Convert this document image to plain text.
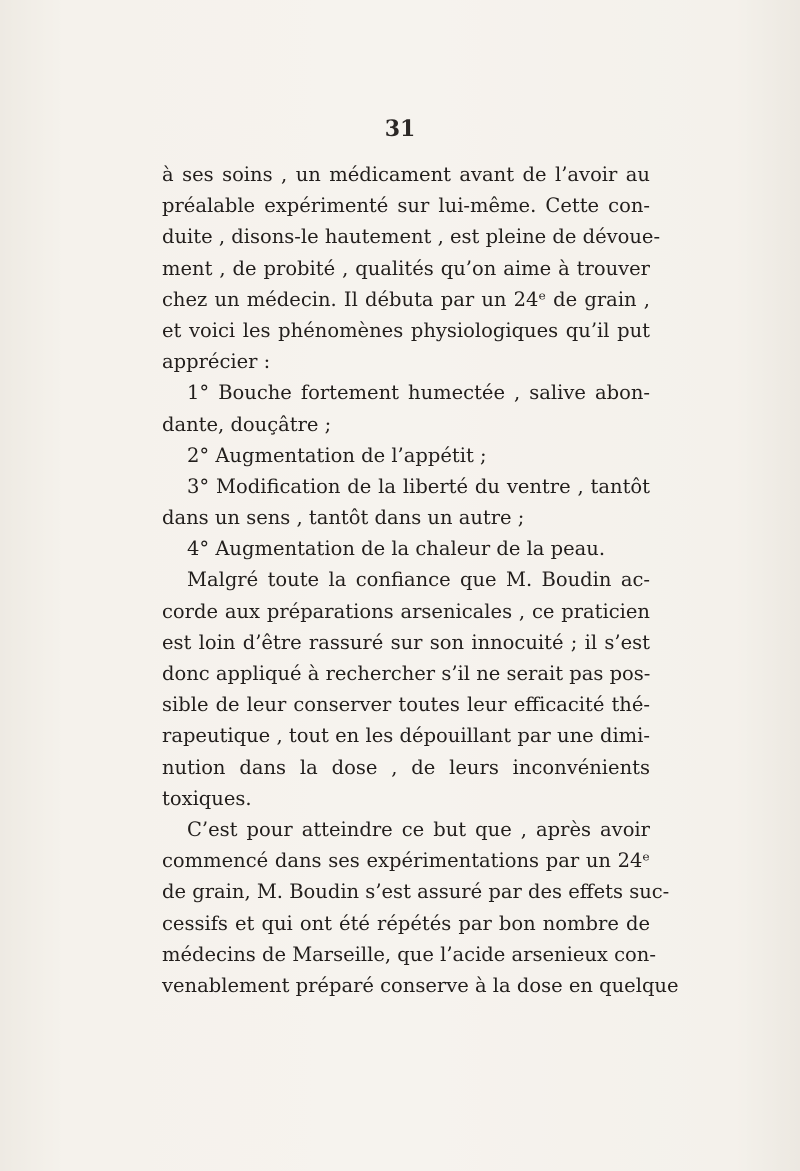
31
à ses soins , un médicament avant de l’avoir au
préalable expérimenté sur lui-même. Cette con-
duite , disons-le hautement , est pleine de dévoue-
ment , de probité , qualités qu’on aime à trouver
chez un médecin. Il débuta par un 24ᵉ de grain ,
et voici les phénomènes physiologiques qu’il put
apprécier :
1° Bouche fortement humectée , salive abon-
dante, douçâtre ;
2° Augmentation de l’appétit ;
3° Modification de la liberté du ventre , tantôt
dans un sens , tantôt dans un autre ;
4° Augmentation de la chaleur de la peau.
Malgré toute la confiance que M. Boudin ac-
corde aux préparations arsenicales , ce praticien
est loin d’être rassuré sur son innocuité ; il s’est
donc appliqué à rechercher s’il ne serait pas pos-
sible de leur conserver toutes leur efficacité thé-
rapeutique , tout en les dépouillant par une dimi-
nution dans la dose , de leurs inconvénients
toxiques.
C’est pour atteindre ce but que , après avoir
commencé dans ses expérimentations par un 24ᵉ
de grain, M. Boudin s’est assuré par des effets suc-
cessifs et qui ont été répétés par bon nombre de
médecins de Marseille, que l’acide arsenieux con-
venablement préparé conserve à la dose en quelque
